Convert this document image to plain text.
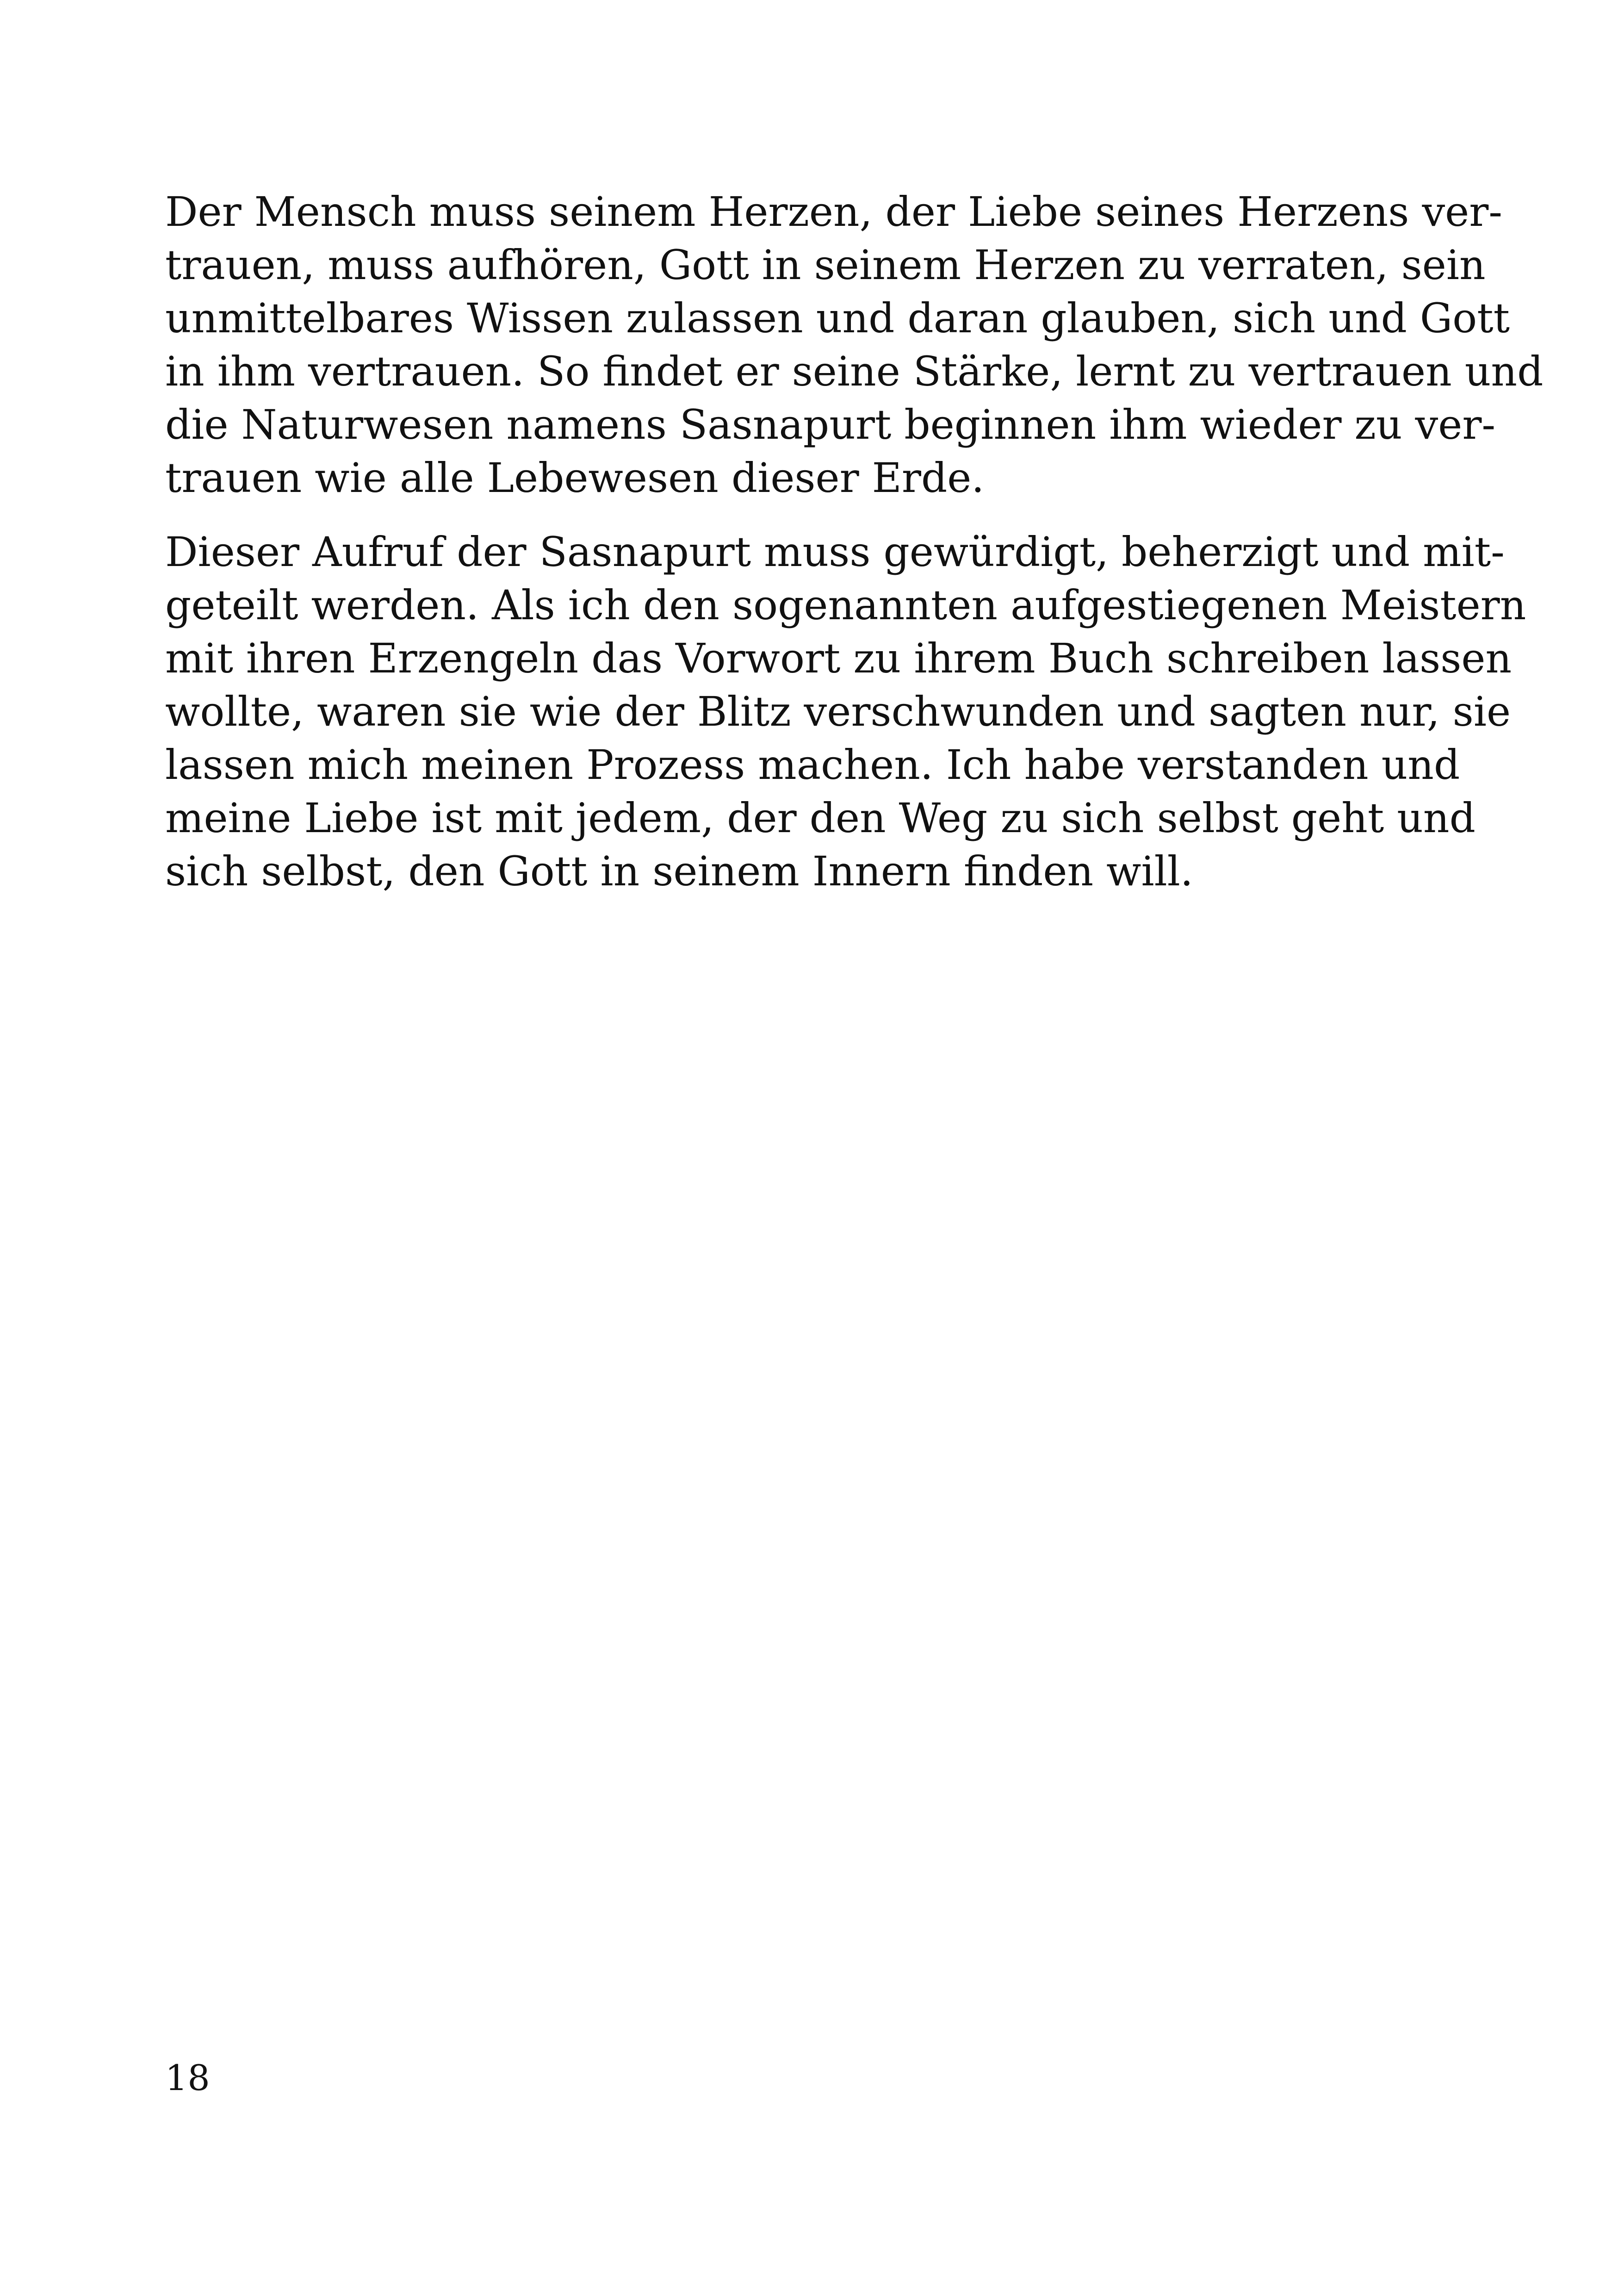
Der Mensch muss seinem Herzen, der Liebe seines Herzens ver-
trauen, muss aufhören, Gott in seinem Herzen zu verraten, sein
unmittelbares Wissen zulassen und daran glauben, sich und Gott
in ihm vertrauen. So findet er seine Stärke, lernt zu vertrauen und
die Naturwesen namens Sasnapurt beginnen ihm wieder zu ver-
trauen wie alle Lebewesen dieser Erde.
Dieser Aufruf der Sasnapurt muss gewürdigt, beherzigt und mit-
geteilt werden. Als ich den sogenannten aufgestiegenen Meistern
mit ihren Erzengeln das Vorwort zu ihrem Buch schreiben lassen
wollte, waren sie wie der Blitz verschwunden und sagten nur, sie
lassen mich meinen Prozess machen. Ich habe verstanden und
meine Liebe ist mit jedem, der den Weg zu sich selbst geht und
sich selbst, den Gott in seinem Innern finden will.
18
